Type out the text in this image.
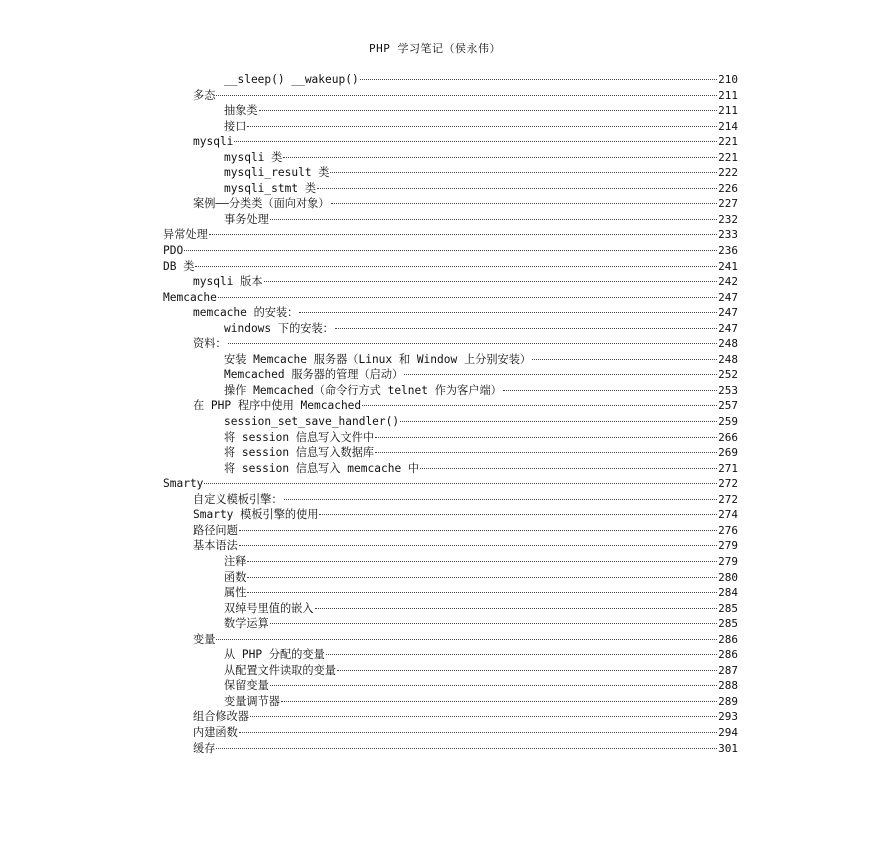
PHP 学习笔记（侯永伟）
__sleep() __wakeup()	210
多态	211
抽象类	211
接口	214
mysqli	221
mysqli 类	221
mysqli_result 类	222
mysqli_stmt 类	226
案例——分类类（面向对象）	227
事务处理	232
异常处理	233
PDO	236
DB 类	241
mysqli 版本	242
Memcache	247
memcache 的安装：	247
windows 下的安装：	247
资料：	248
安装 Memcache 服务器（Linux 和 Window 上分别安装）	248
Memcached 服务器的管理（启动）	252
操作 Memcached（命令行方式 telnet 作为客户端）	253
在 PHP 程序中使用 Memcached	257
session_set_save_handler()	259
将 session 信息写入文件中	266
将 session 信息写入数据库	269
将 session 信息写入 memcache 中	271
Smarty	272
自定义模板引擎：	272
Smarty 模板引擎的使用	274
路径问题	276
基本语法	279
注释	279
函数	280
属性	284
双绰号里值的嵌入	285
数学运算	285
变量	286
从 PHP 分配的变量	286
从配置文件读取的变量	287
保留变量	288
变量调节器	289
组合修改器	293
内建函数	294
缓存	301
